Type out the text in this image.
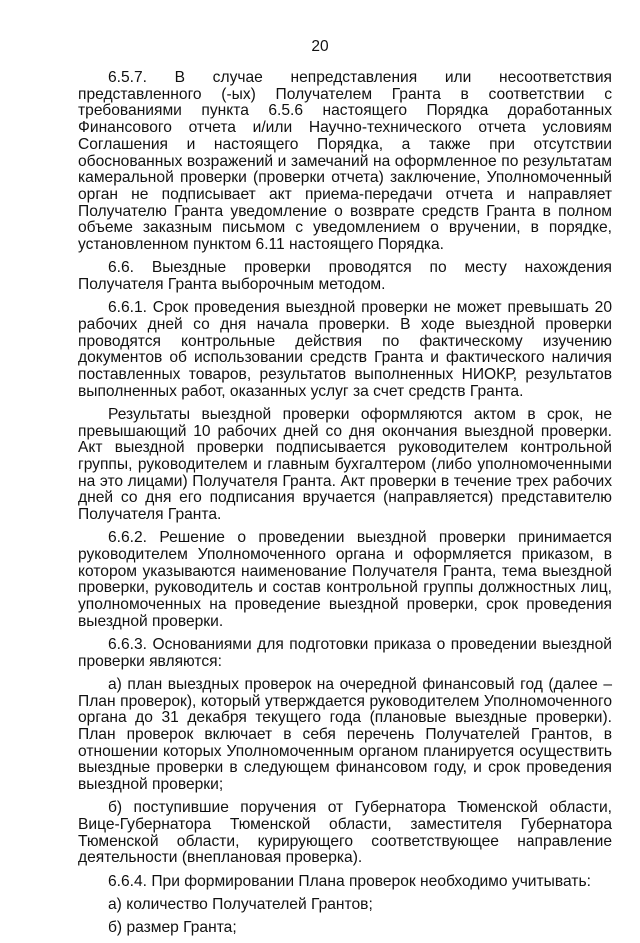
20

6.5.7. В случае непредставления или несоответствия представленного (-ых) Получателем Гранта в соответствии с требованиями пункта 6.5.6 настоящего Порядка доработанных Финансового отчета и/или Научно-технического отчета условиям Соглашения и настоящего Порядка, а также при отсутствии обоснованных возражений и замечаний на оформленное по результатам камеральной проверки (проверки отчета) заключение, Уполномоченный орган не подписывает акт приема-передачи отчета и направляет Получателю Гранта уведомление о возврате средств Гранта в полном объеме заказным письмом с уведомлением о вручении, в порядке, установленном пунктом 6.11 настоящего Порядка.

6.6. Выездные проверки проводятся по месту нахождения Получателя Гранта выборочным методом.

6.6.1. Срок проведения выездной проверки не может превышать 20 рабочих дней со дня начала проверки. В ходе выездной проверки проводятся контрольные действия по фактическому изучению документов об использовании средств Гранта и фактического наличия поставленных товаров, результатов выполненных НИОКР, результатов выполненных работ, оказанных услуг за счет средств Гранта.

Результаты выездной проверки оформляются актом в срок, не превышающий 10 рабочих дней со дня окончания выездной проверки. Акт выездной проверки подписывается руководителем контрольной группы, руководителем и главным бухгалтером (либо уполномоченными на это лицами) Получателя Гранта. Акт проверки в течение трех рабочих дней со дня его подписания вручается (направляется) представителю Получателя Гранта.

6.6.2. Решение о проведении выездной проверки принимается руководителем Уполномоченного органа и оформляется приказом, в котором указываются наименование Получателя Гранта, тема выездной проверки, руководитель и состав контрольной группы должностных лиц, уполномоченных на проведение выездной проверки, срок проведения выездной проверки.

6.6.3. Основаниями для подготовки приказа о проведении выездной проверки являются:

а) план выездных проверок на очередной финансовый год (далее – План проверок), который утверждается руководителем Уполномоченного органа до 31 декабря текущего года (плановые выездные проверки). План проверок включает в себя перечень Получателей Грантов, в отношении которых Уполномоченным органом планируется осуществить выездные проверки в следующем финансовом году, и срок проведения выездной проверки;

б) поступившие поручения от Губернатора Тюменской области, Вице-Губернатора Тюменской области, заместителя Губернатора Тюменской области, курирующего соответствующее направление деятельности (внеплановая проверка).

6.6.4. При формировании Плана проверок необходимо учитывать:

а) количество Получателей Грантов;

б) размер Гранта;
